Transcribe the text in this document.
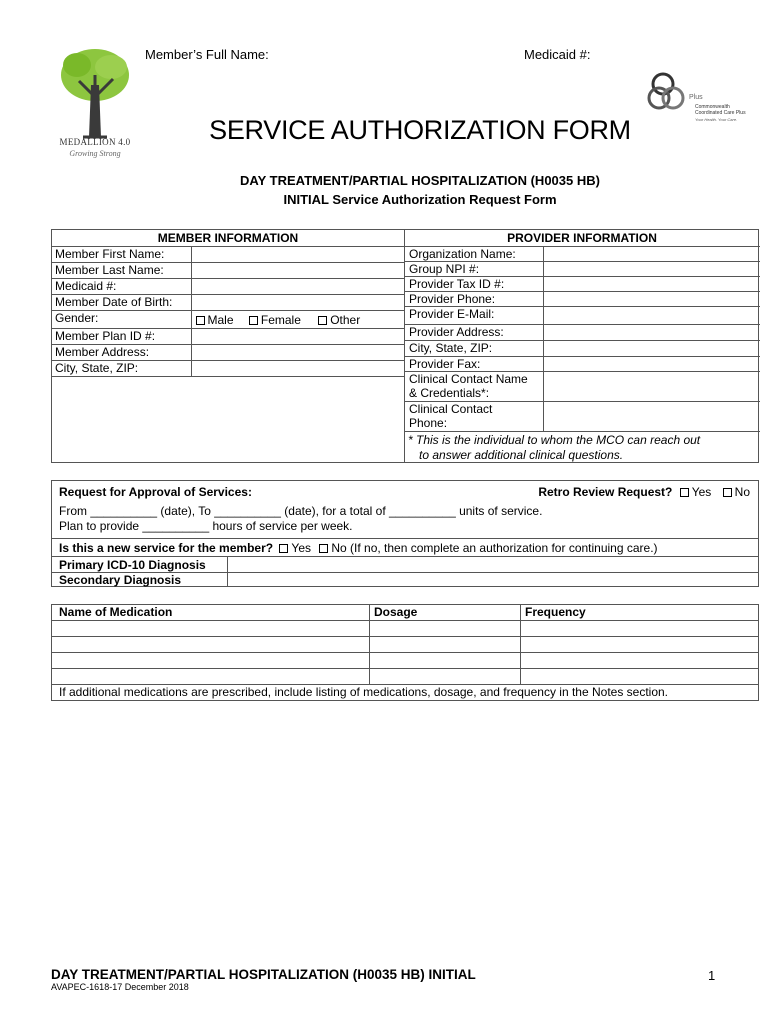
Member’s Full Name:	Medicaid #:
MEDALLION 4.0
Growing Strong
Plus
Commonwealth
Coordinated Care Plus
Your Health. Your Care.
SERVICE AUTHORIZATION FORM
DAY TREATMENT/PARTIAL HOSPITALIZATION (H0035 HB)
INITIAL Service Authorization Request Form
MEMBER INFORMATION
Member First Name:	
Member Last Name:	
Medicaid #:	
Member Date of Birth:	
Gender:	Male Female Other
Member Plan ID #:	
Member Address:	
City, State, ZIP:	
PROVIDER INFORMATION
Organization Name:	
Group NPI #:	
Provider Tax ID #:	
Provider Phone:	
Provider E-Mail:	
Provider Address:	
City, State, ZIP:	
Provider Fax:	

Clinical Contact Name
& Credentials*:	

Clinical Contact
Phone:	

* This is the individual to whom the MCO can reach out
to answer additional clinical questions.
Request for Approval of Services:	Retro Review Request? Yes No
From __________ (date), To __________ (date), for a total of __________ units of service.
Plan to provide __________ hours of service per week.
Is this a new service for the member? Yes No (If no, then complete an authorization for continuing care.)
Primary ICD-10 Diagnosis
Secondary Diagnosis
Name of Medication	Dosage	Frequency

If additional medications are prescribed, include listing of medications, dosage, and frequency in the Notes section.		
DAY TREATMENT/PARTIAL HOSPITALIZATION (H0035 HB) INITIAL
AVAPEC-1618-17 December 2018
1
